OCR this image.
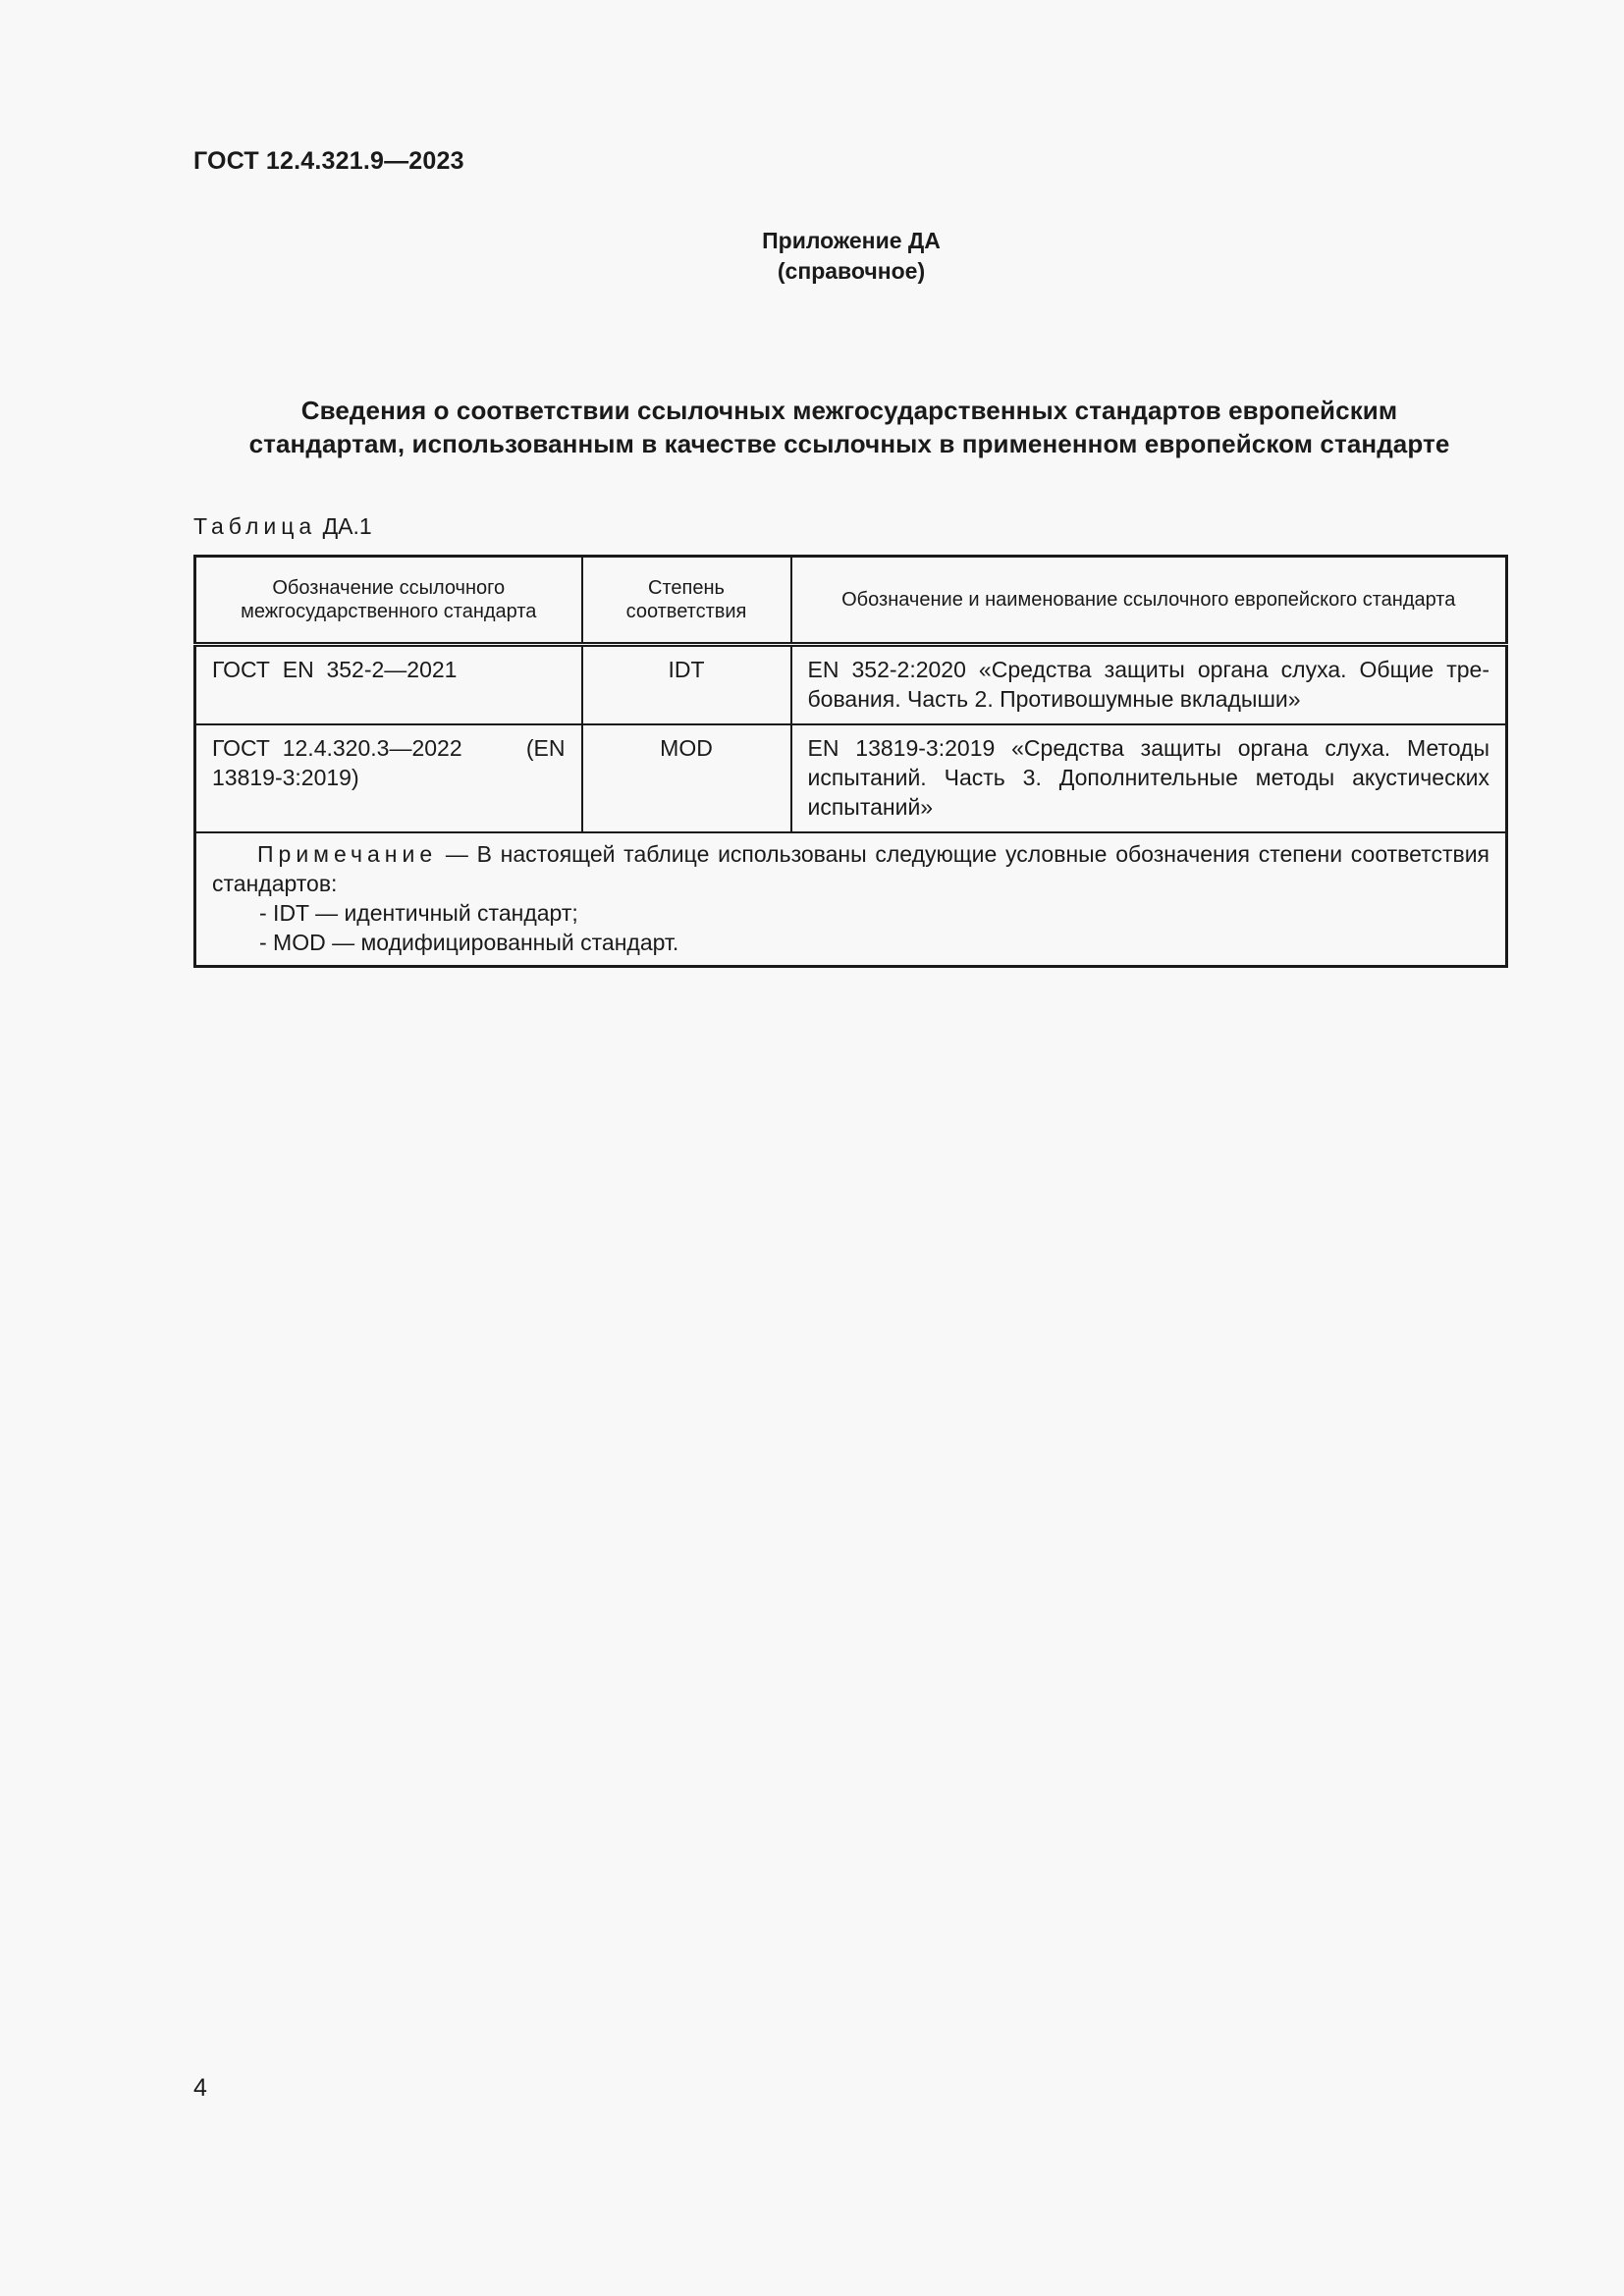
ГОСТ 12.4.321.9—2023
Приложение ДА
(справочное)
Сведения о соответствии ссылочных межгосударственных стандартов европейским
стандартам, использованным в качестве ссылочных в примененном европейском стандарте
Таблица ДА.1
Обозначение ссылочного межгосударственного стандарта	Степень соответствия	Обозначение и наименование ссылочного европейского стандарта
ГОСТ  EN  352-2—2021	IDT	EN 352-2:2020 «Средства защиты органа слуха. Общие требования. Часть 2. Противошумные вкладыши»

ГОСТ  12.4.320.3—2022 (EN
13819-3:2019)	MOD	EN 13819-3:2019 «Средства защиты органа слуха. Методы испытаний. Часть 3. Дополнительные методы акустических испытаний»

Примечание — В настоящей таблице использованы следующие условные обозначения степени соответствия стандартов:
- IDT — идентичный стандарт;
- MOD — модифицированный стандарт.		
4
